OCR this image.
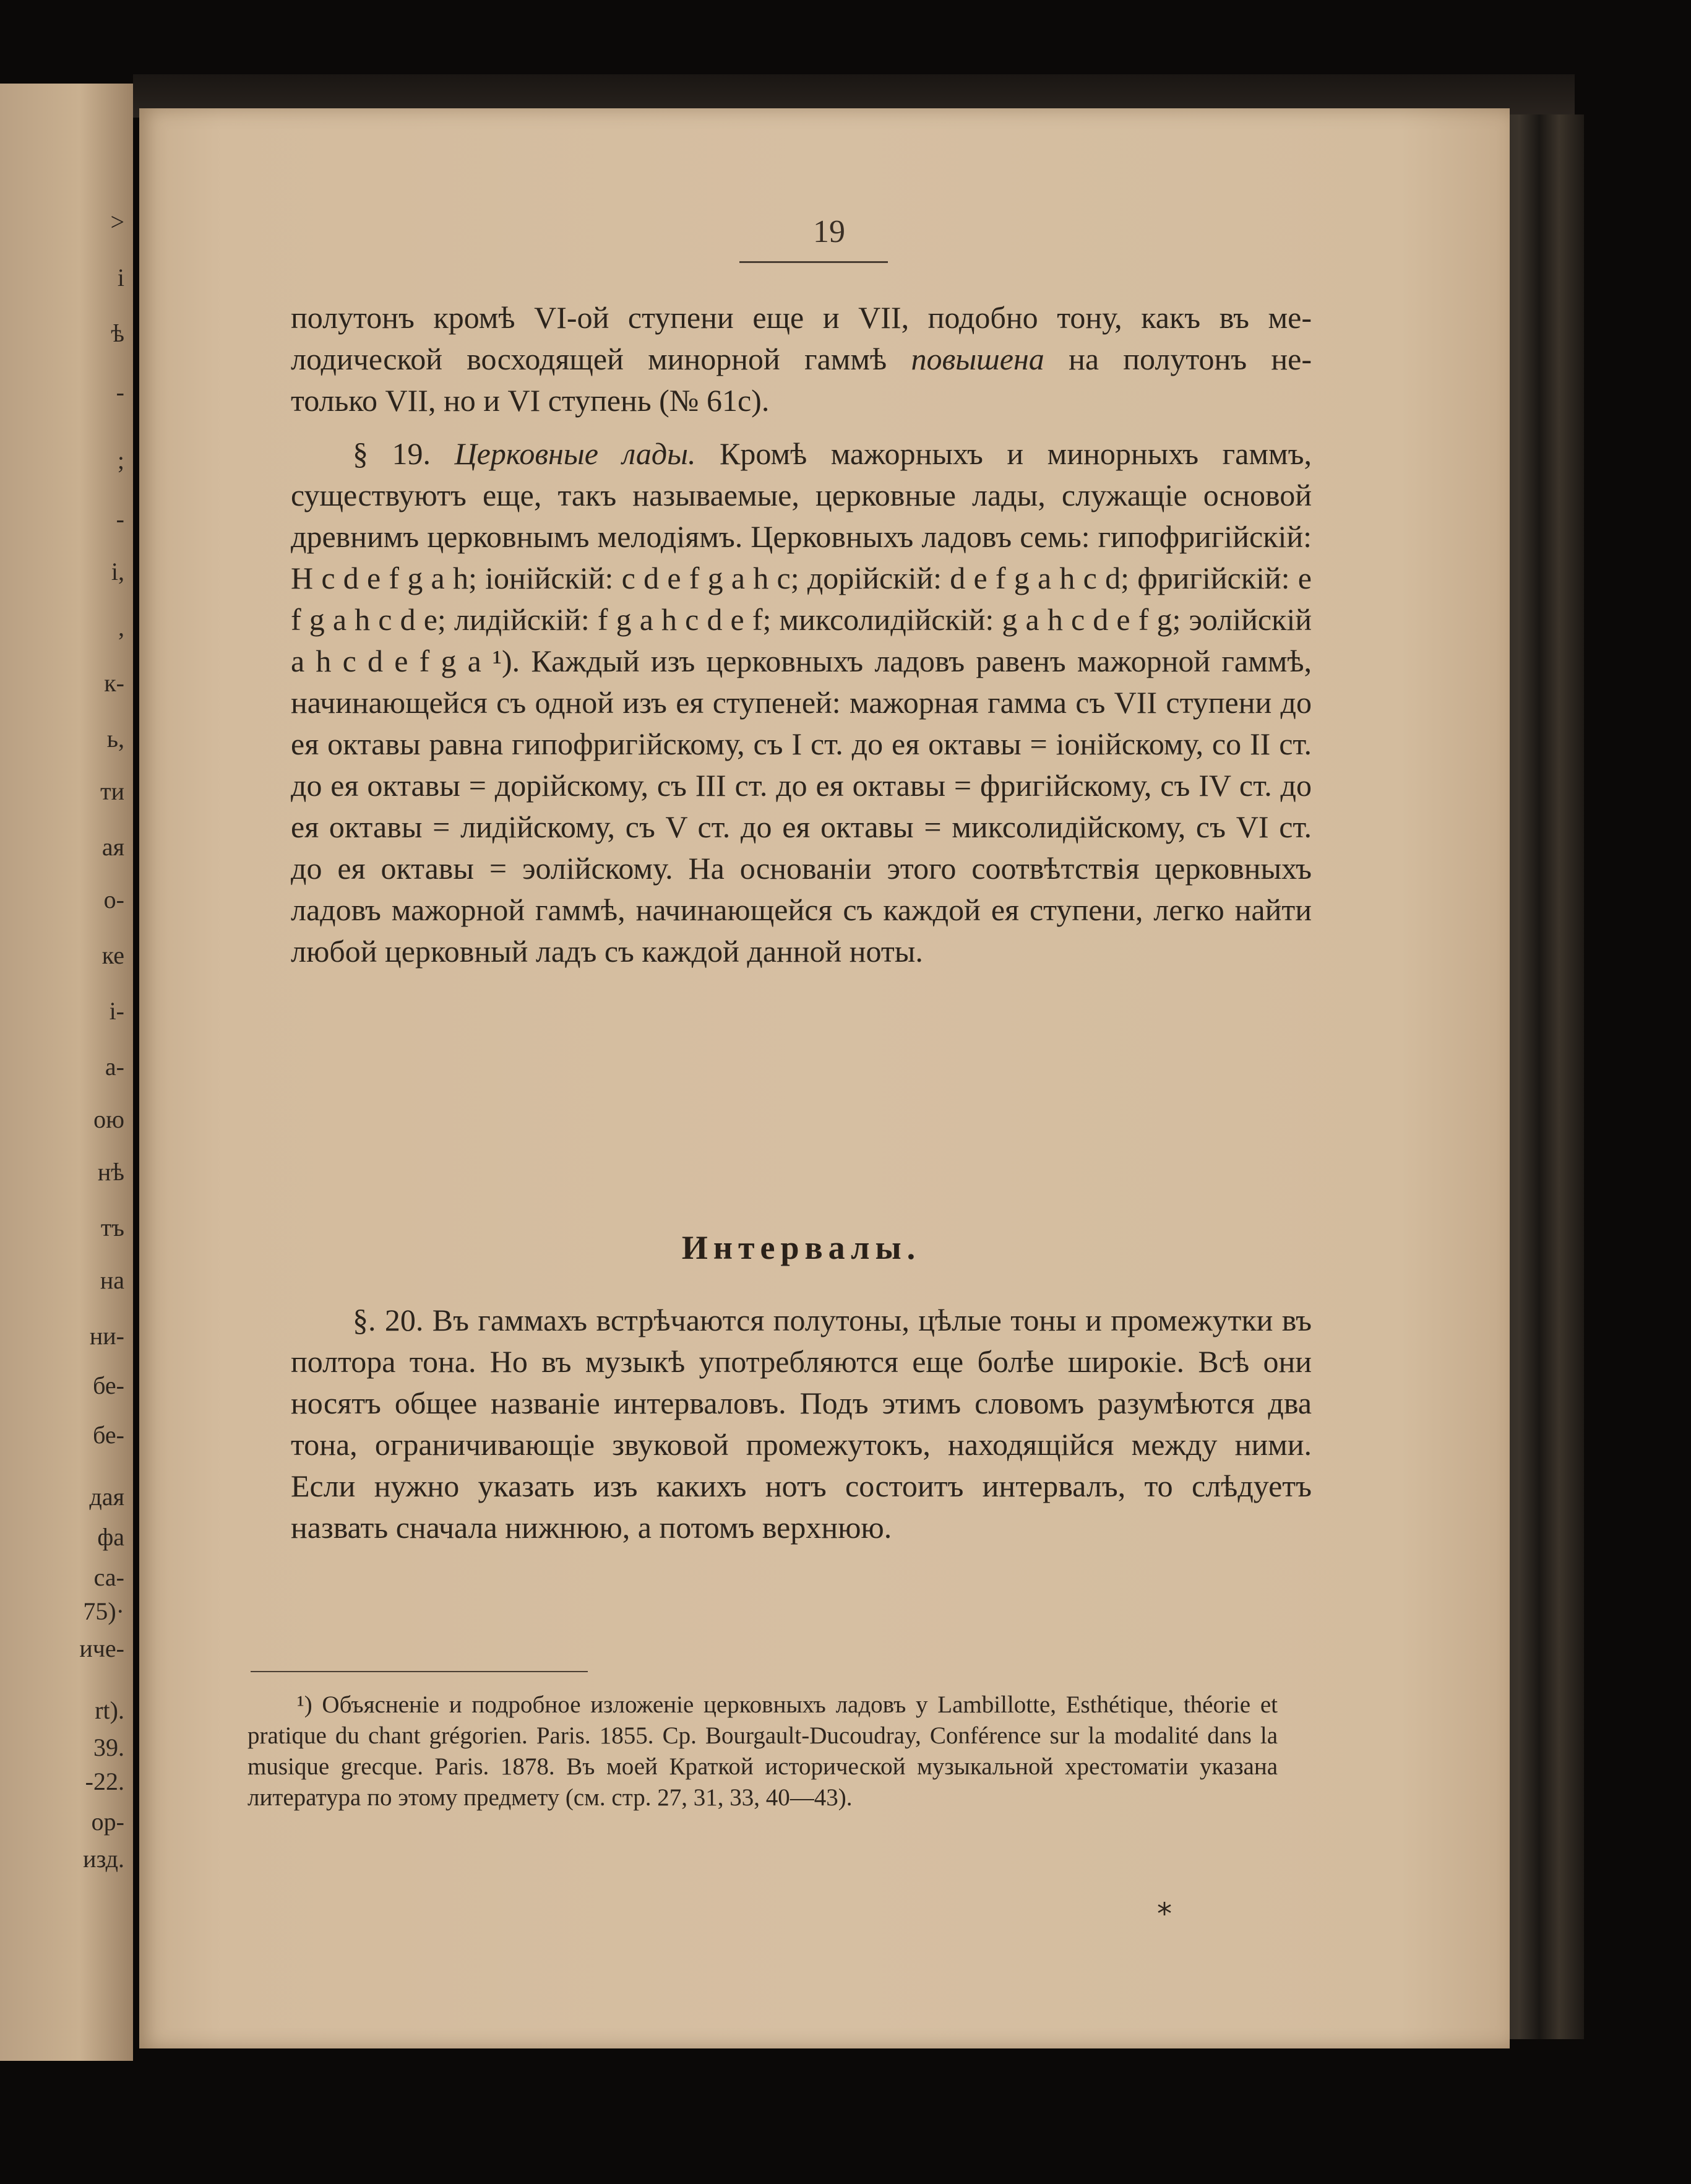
>
і
ѣ
-
;
-
і,
,
к-
ь,
ти
ая
о-
ке
і-
а-
ою
нѣ
тъ
на
ни-
бе-
бе-
дая
фа
са-
75)·
иче-
rt).
39.
-22.
ор-
изд.
19

полутонъ кромѣ VI-ой ступени еще и VII, подобно тону, какъ въ ме-

лодической восходящей минорной гаммѣ повышена на полутонъ не-

только VII, но и VI ступень (№ 61c).

§ 19. Церковные лады. Кромѣ мажорныхъ и минорныхъ гаммъ, существуютъ еще, такъ называемые, церковные лады, служащіе основой древнимъ церковнымъ мелодіямъ. Церковныхъ ладовъ семь: гипофригійскій: H c d e f g a h; іонійскій: c d e f g a h c; дорійскій: d e f g a h c d; фригійскій: e f g a h c d e; лидійскій: f g a h c d e f; миксолидійскій: g a h c d e f g; эолійскій a h c d e f g a ¹). Каждый изъ церковныхъ ладовъ равенъ мажорной гаммѣ, начинающейся съ одной изъ ея ступеней: мажорная гамма съ VII ступени до ея октавы равна гипофригійскому, съ I ст. до ея октавы = іонійскому, со II ст. до ея октавы = дорійскому, съ III ст. до ея октавы = фригійскому, съ IV ст. до ея октавы = лидійскому, съ V ст. до ея октавы = миксолидійскому, съ VI ст. до ея октавы = эолійскому. На основаніи этого соотвѣтствія церковныхъ ладовъ мажорной гаммѣ, начинающейся съ каждой ея ступени, легко найти любой церковный ладъ съ каждой данной ноты.

Интервалы.

§. 20. Въ гаммахъ встрѣчаются полутоны, цѣлые тоны и промежутки въ полтора тона. Но въ музыкѣ употребляются еще болѣе широкіе. Всѣ они носятъ общее названіе интерваловъ. Подъ этимъ словомъ разумѣются два тона, ограничивающіе звуковой промежутокъ, находящійся между ними. Если нужно указать изъ какихъ нотъ состоитъ интервалъ, то слѣдуетъ назвать сначала нижнюю, а потомъ верхнюю.

¹) Объясненіе и подробное изложеніе церковныхъ ладовъ у Lambillotte, Esthétique, théorie et pratique du chant grégorien. Paris. 1855. Ср. Bourgault-Ducoudray, Conférence sur la modalité dans la musique grecque. Paris. 1878. Въ моей Краткой исторической музыкальной хрестоматіи указана литература по этому предмету (см. стр. 27, 31, 33, 40—43).

*
